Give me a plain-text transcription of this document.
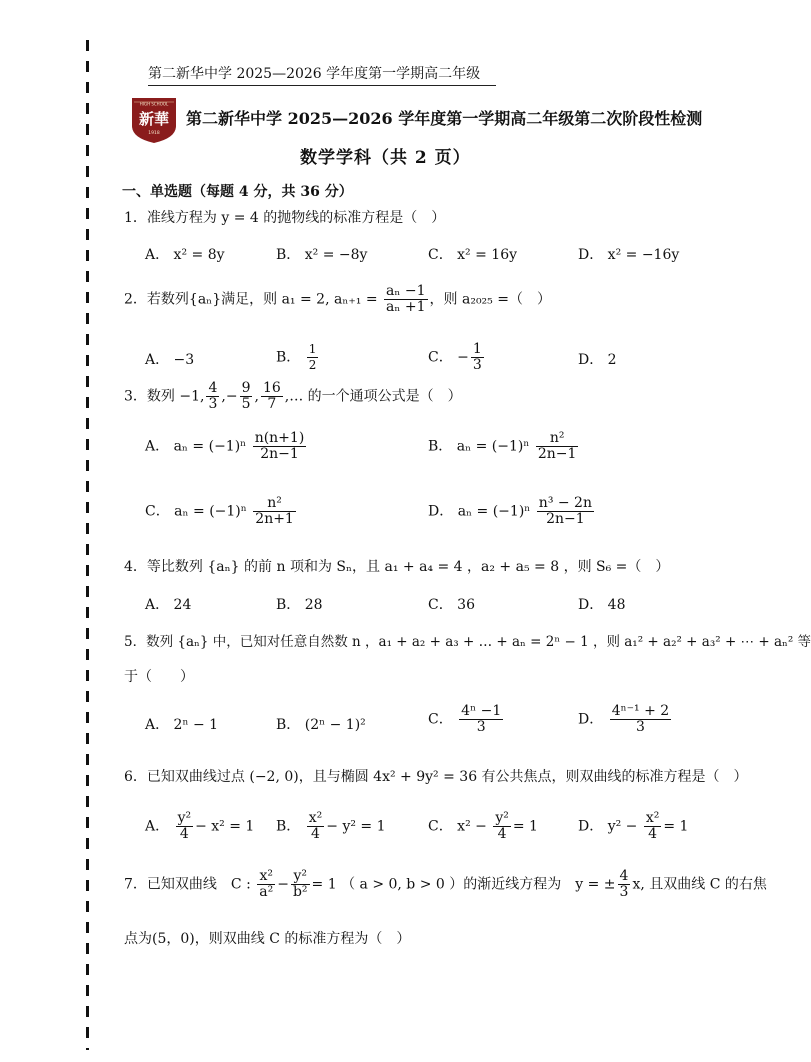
第二新华中学 2025—2026 学年度第一学期高二年级
HIGH SCHOOL
新華
1918
第二新华中学 2025—2026 学年度第一学期高二年级第二次阶段性检测
数学学科（共 2 页）
一、单选题（每题 4 分，共 36 分）
1．准线方程为 y = 4 的抛物线的标准方程是（　）
A． x² = 8y	B． x² = −8y	C． x² = 16y	D． x² = −16y
2．若数列{aₙ}满足，则 a₁ = 2, $a_{n+1} = \frac{\text{aₙ −1}}{\text{aₙ +1}}$ ，则 a₂₀₂₅ =（　）
A． −3	B． $\frac{1}{2}$	C． − $\frac{1}{3}$	D． 2
3．数列 −1, $\frac{4}{3}$ ,− $\frac{9}{5}$ , $\frac{16}{7}$ ,… 的一个通项公式是（　）
A． $a_n = (-1)^n \frac{n(n+1)}{2n-1}$	B． $a_n = (-1)^n \frac{\text{n²}}{2n-1}$
C． $a_n = (-1)^n \frac{\text{n²}}{2n+1}$	D． $a_n = (-1)^n \frac{\text{n³ − 2n}}{2n-1}$
4．等比数列 {aₙ} 的前 n 项和为 Sₙ，且 a₁ + a₄ = 4 ，a₂ + a₅ = 8 ，则 S₆ =（　）
A． 24	B． 28	C． 36	D． 48
5．数列 {aₙ} 中，已知对任意自然数 n ，a₁ + a₂ + a₃ + … + aₙ = 2ⁿ − 1 ，则 a₁² + a₂² + a₃² + ⋯ + aₙ² 等
于（　　）
A． 2ⁿ − 1	B． (2ⁿ − 1)²	C． $\frac{\text{4ⁿ −1}}{3}$	D． $\frac{\text{4ⁿ⁻¹ + 2}}{3}$
6．已知双曲线过点 (−2, 0)，且与椭圆 4x² + 9y² = 36 有公共焦点，则双曲线的标准方程是（　）
A． $\frac{\text{y²}}{4} - x^2 = 1$ B． $\frac{\text{x²}}{4} - y^2 = 1$	C． $x^2 - \frac{\text{y²}}{4} = 1$	D． $y^2 - \frac{\text{x²}}{4} = 1$
7．已知双曲线　C : $\frac{\text{x²}}{\text{a²}} - \frac{\text{y²}}{\text{b²}} = 1$ （ a > 0, b > 0 ）的渐近线方程为　y = ± $\frac{4}{3} x$, 且双曲线 C 的右焦
点为(5，0)，则双曲线 C 的标准方程为（　）
